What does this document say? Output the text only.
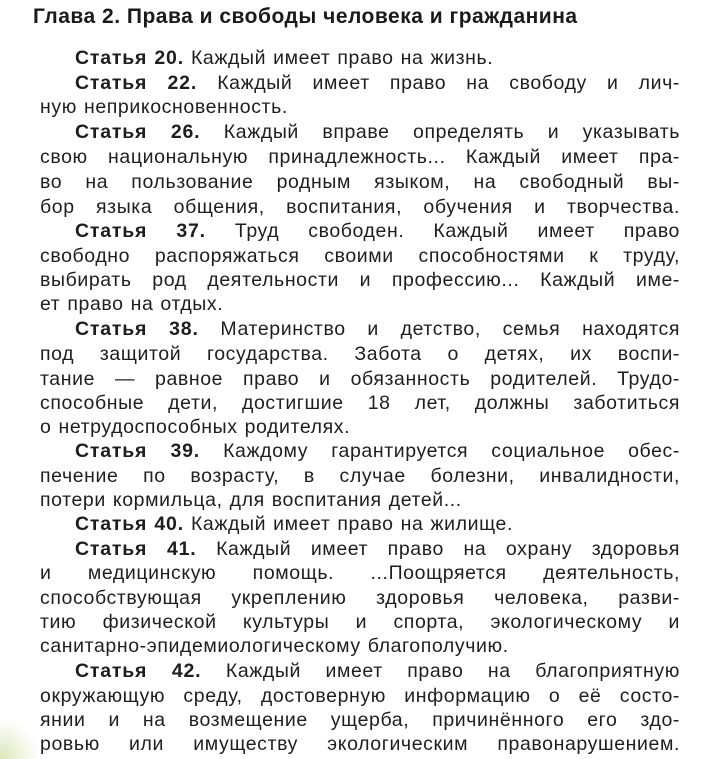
Глава 2. Права и свободы человека и гражданина
Статья 20. Каждый имеет право на жизнь.
Статья 22. Каждый имеет право на свободу и лич-
ную неприкосновенность.
Статья 26. Каждый вправе определять и указывать
свою национальную принадлежность... Каждый имеет пра-
во на пользование родным языком, на свободный вы-
бор языка общения, воспитания, обучения и творчества.
Статья 37. Труд свободен. Каждый имеет право
свободно распоряжаться своими способностями к труду,
выбирать род деятельности и профессию... Каждый име-
ет право на отдых.
Статья 38. Материнство и детство, семья находятся
под защитой государства. Забота о детях, их воспи-
тание — равное право и обязанность родителей. Трудо-
способные дети, достигшие 18 лет, должны заботиться
о нетрудоспособных родителях.
Статья 39. Каждому гарантируется социальное обес-
печение по возрасту, в случае болезни, инвалидности,
потери кормильца, для воспитания детей...
Статья 40. Каждый имеет право на жилище.
Статья 41. Каждый имеет право на охрану здоровья
и медицинскую помощь. ...Поощряется деятельность,
способствующая укреплению здоровья человека, разви-
тию физической культуры и спорта, экологическому и
санитарно-эпидемиологическому благополучию.
Статья 42. Каждый имеет право на благоприятную
окружающую среду, достоверную информацию о её состо-
янии и на возмещение ущерба, причинённого его здо-
ровью или имуществу экологическим правонарушением.
